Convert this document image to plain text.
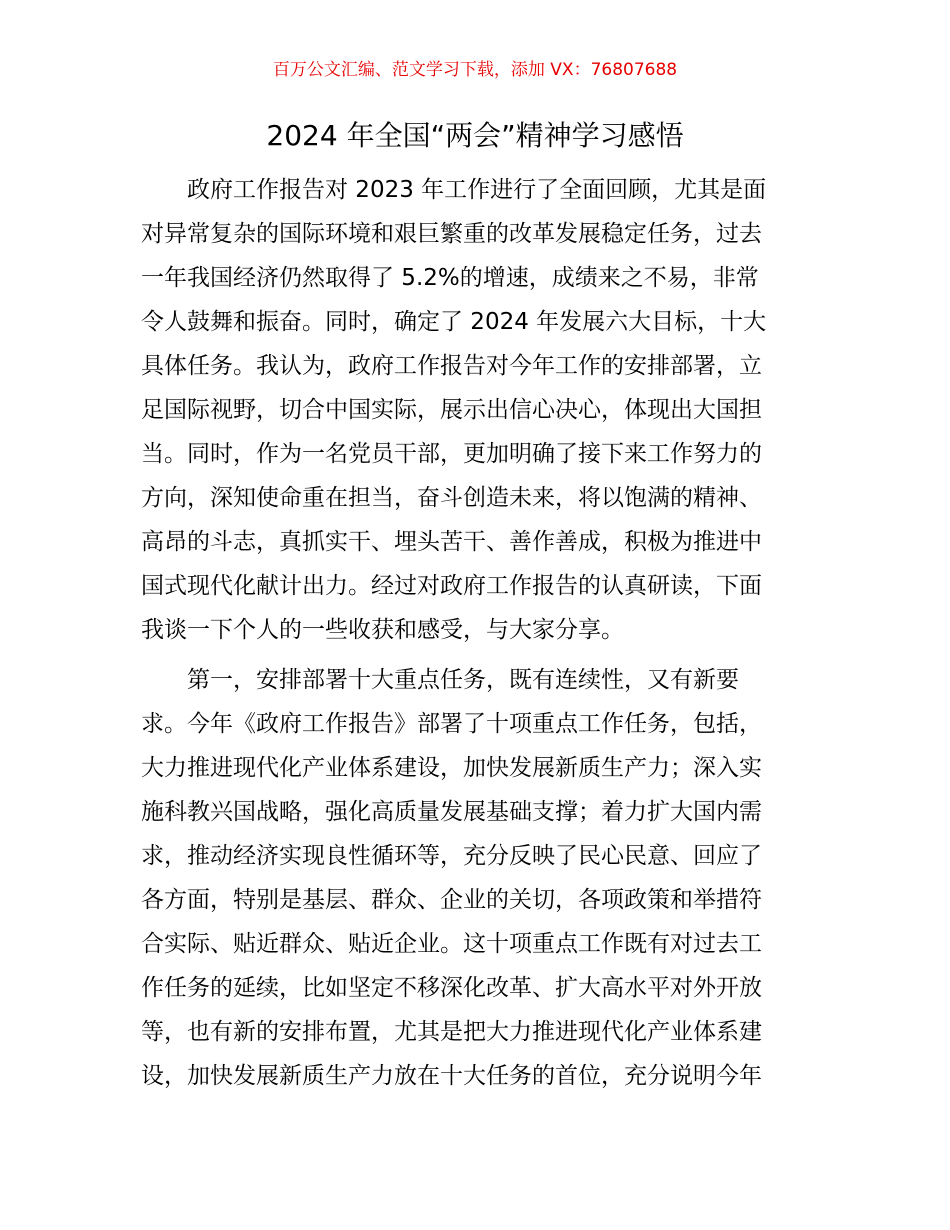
百万公文汇编、范文学习下载，添加 VX：76807688
2024 年全国“两会”精神学习感悟
　　政府工作报告对 2023 年工作进行了全面回顾，尤其是面
对异常复杂的国际环境和艰巨繁重的改革发展稳定任务，过去
一年我国经济仍然取得了 5.2%的增速，成绩来之不易，非常
令人鼓舞和振奋。同时，确定了 2024 年发展六大目标，十大
具体任务。我认为，政府工作报告对今年工作的安排部署，立
足国际视野，切合中国实际，展示出信心决心，体现出大国担
当。同时，作为一名党员干部，更加明确了接下来工作努力的
方向，深知使命重在担当，奋斗创造未来，将以饱满的精神、
高昂的斗志，真抓实干、埋头苦干、善作善成，积极为推进中
国式现代化献计出力。经过对政府工作报告的认真研读，下面
我谈一下个人的一些收获和感受，与大家分享。
　　第一，安排部署十大重点任务，既有连续性，又有新要
求。今年《政府工作报告》部署了十项重点工作任务，包括，
大力推进现代化产业体系建设，加快发展新质生产力；深入实
施科教兴国战略，强化高质量发展基础支撑；着力扩大国内需
求，推动经济实现良性循环等，充分反映了民心民意、回应了
各方面，特别是基层、群众、企业的关切，各项政策和举措符
合实际、贴近群众、贴近企业。这十项重点工作既有对过去工
作任务的延续，比如坚定不移深化改革、扩大高水平对外开放
等，也有新的安排布置，尤其是把大力推进现代化产业体系建
设，加快发展新质生产力放在十大任务的首位，充分说明今年
